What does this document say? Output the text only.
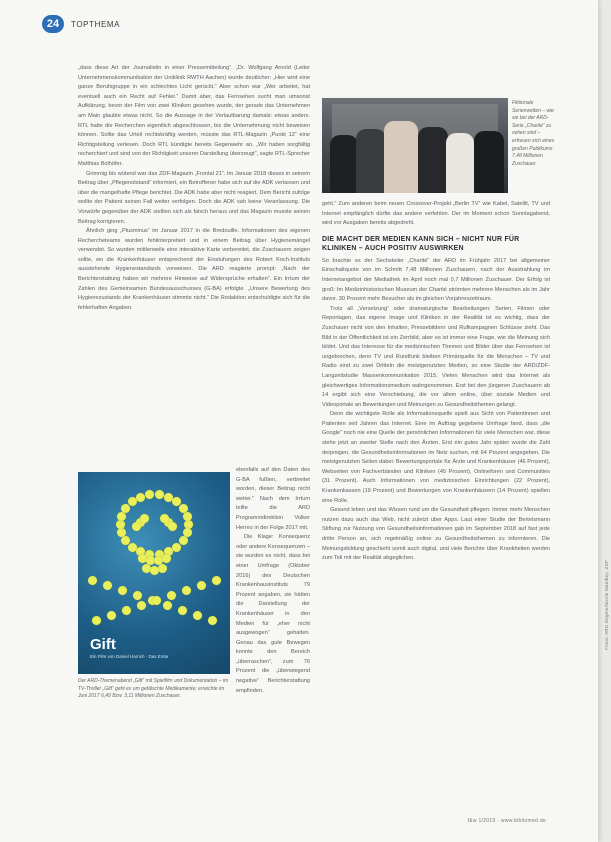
24	TOPTHEMA

„dass diese Art der Journalistin in einer Pressemitteilung“. „Dr. Wolfgang Arnold (Leiter Unternehmenskommunikation der Uniklinik RWTH Aachen) wurde deutlicher: „Hier wird eine ganze Berufsgruppe in ein schlechtes Licht gerückt.“ Aber schon war „Wer arbeitet, hat eventuell auch ein Recht auf Fehler.“ Damit aber, das Fernsehen sucht man umsonst Aufklärung, bevor der Film von zwei Kliniken gesehen wurde, der gerade das Unternehmen am Main glaubte etwas nicht. So die Aussage in der Verlautbarung damals: etwas anders. RTL hatte die Recherchen eigentlich abgeschlossen, bis die Unternehmung nicht beweisen können. Sollte das Urteil rechtskräftig werden, müsste das RTL-Magazin „Punkt 12“ eine Richtigstellung verlesen. Doch RTL kündigte bereits Gegenwehr an. „Wir haben sorgfältig recherchiert und sind von der Richtigkeit unserer Darstellung überzeugt“, sagte RTL-Sprecher Matthias Bolhöfer.

Grimmig bis wütend war das ZDF-Magazin „Frontal 21“. Im Januar 2018 dieses in seinem Beitrag über „Pflegenotstand“ informiert, ein Betroffener habe sich auf die ADK verlassen und über die mangelhafte Pflege berichtet. Die ADK habe aber nicht reagiert. Dem Bericht zufolge wollte der Patient seinen Fall weiter verfolgen. Doch die ADK sah keine Veranlassung. Die Vorwürfe gegenüber der ADK stellten sich als falsch heraus und das Magazin musste seinen Beitrag korrigieren.

Ähnlich ging „Plusminus“ im Januar 2017 in die Bredouille. Informationen des eigenen Rechercheteams wurden fehlinterpretiert und in einem Beitrag über Hygienemängel verwendet. So wurden mittlerweile eine interaktive Karte vorbereitet, die Zuschauern zeigen sollte, wo die Krankenhäuser entsprechend der Einstufungen des Robert Koch-Instituts ausstehende Hygienestandards vorweisen. Die ARD reagierte prompt: „Nach der Berichterstattung haben wir mehrere Hinweise auf Widersprüche erhalten“. Ein Irrtum der Zahlen des Gemeinsamen Bundesausschusses (G-BA) erfolgte. „Unsere Bewertung des Hygienezustands der Krankenhäuser stimmte nicht.“ Die Redaktion entschuldigte sich für die fehlerhaften Angaben.

Gift
Ein Film von Daniel Harrich · Das Erste

ebenfalls auf den Daten des G-BA fußten, verbreitet worden, dieser Beitrag nicht weiter.“ Nach dem Irrtum teilte die ARD Programmdirektion Volker Herres in der Folge 2017 mit.

Die Klage: Konsequenz oder andere Konsequenzen – sie wurden es nicht, dass bei einer Umfrage (Oktober 2016) des Deutschen Krankenhausinstituts 79 Prozent angaben, sie hätten die Darstellung der Krankenhäuser in den Medien für „eher nicht ausgewogen“ gehalten. Genau das gute Bewegen konnte den Bereich „überraschen“, zum 76 Prozent die „überwiegend negative“ Berichterstattung empfinden.

Der ARD-Themenabend „Gift“ mit Spielfilm und Dokumentation – im TV-Thriller „Gift“ geht es um gefälschte Medikamente; erreichte im Juni 2017 6,49 Bzw. 3,11 Millionen Zuschauer.
Fiktionale Serienwelten – wie sie bei der ARD-Serie „Charité“ zu sehen sind – erfreuen sich eines großen Publikums: 7,48 Millionen Zuschauer.

geht.“ Zum anderen beim neuen Crossover-Projekt „Berlin TV“ wie Kabel, Satellit, TV und Internet empfänglich dürfte das andere verfehlen. Der im Moment schon Sonntagabend, wird vor Ausgaben bereits abgedreht.

DIE MACHT DER MEDIEN KANN SICH – NICHT NUR FÜR KLINIKEN – AUCH POSITIV AUSWIRKEN

So brachte es der Sechsteiler „Charité“ der ARD im Frühjahr 2017 bei allgemeiner Einschaltquote von im Schnitt 7,48 Millionen Zuschauern, nach der Ausstrahlung im Internetangebot der Mediathek im April noch mal 0,7 Millionen Zuschauer. Der Erfolg ist groß: Im Medizinhistorischen Museum der Charité strömten mehrere Menschen als im Jahr davor. 30 Prozent mehr Besucher als im gleichen Vorjahreszeitraum.

Trotz all „Versetzung“ oder dramaturgische Bearbeitungen: Serien, Filmen oder Reportagen, das eigene Image und Kliniken in der Realität ist es wichtig, dass der Zuschauer nicht von den Inhalten, Pressebildern und Rufkampagnen Schlüsse zieht. Das Bild in der Öffentlichkeit ist ein Zerrbild, aber es ist immer eine Frage, wie die Meinung sich bildet. Und das Interesse für die medizinischen Themen und Bilder über das Fernsehen ist ungebrochen, denn TV und Rundfunk bleiben Primärquelle für die Menschen – TV und Radio sind zu zwei Dritteln die meistgenutzten Medien, so eine Studie der ARD/ZDF-Langzeitstudie Massenkommunikation 2015. Vielen Menschen wird das Internet als gleichwertiges Informationsmedium wahrgenommen. Erst bei den jüngeren Zuschauern ab 14 ergibt sich eine Verschiebung, die vor allem online, über soziale Medien und Videoportale an Bewertungen und Meinungen zu Gesundheitsthemen gelangt.

Denn die wichtigste Rolle als Informationsquelle spielt aus Sicht von Patientinnen und Patienten seit Jahren das Internet. Eine im Auftrag gegebene Umfrage fand, dass „die Google“ noch nie eine Quelle der persönlichen Informationen für viele Menschen war, diese stehe jetzt an zweiter Stelle nach den Ärzten. Erst ein gutes Jahr später wurde die Zahl derjenigen, die Gesundheitsinformationen im Netz suchen, mit 64 Prozent angegeben. Die meistgenutzten Seiten dabei: Bewertungsportale für Ärzte und Krankenhäuser (46 Prozent), Webseiten von Fachverbänden und Kliniken (45 Prozent), Onlineforen und Communities (31 Prozent). Auch Informationen von medizinischen Einrichtungen (22 Prozent), Krankenkassen (19 Prozent) und Bewertungen von Krankenhäusern (14 Prozent) spielten eine Rolle.

Gesund leben und das Wissen rund um die Gesundheit pflegen: Immer mehr Menschen nutzen dazu auch das Web, nicht zuletzt über Apps. Laut einer Studie der Bertelsmann Stiftung zur Nutzung von Gesundheitsinformationen gab im September 2018 auf fast jede dritte Person an, sich regelmäßig online zu Gesundheitsthemen zu informieren. Die Meinungsbildung geschieht somit auch digital, und viele Berichte über Krankheiten werden zum Teil mit der Realität abgeglichen.

f&w 1/2019 · www.bibliomed.de
Fotos: ARD Degeto/Nicole Manthey; ZDF
